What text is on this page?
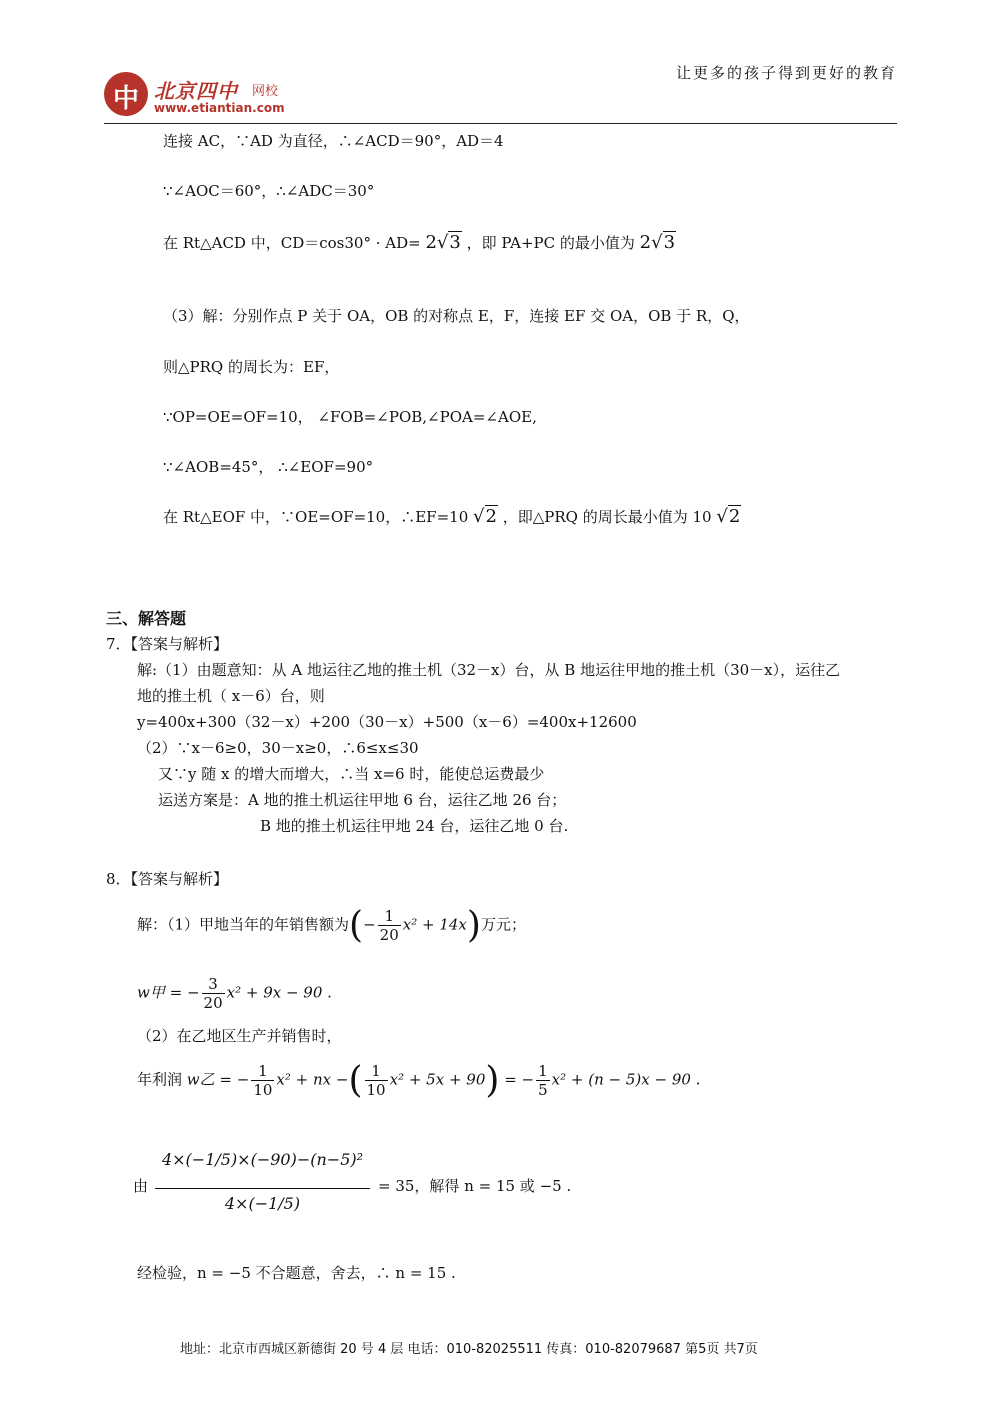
中 北京四中 网校
www.etiantian.com
让更多的孩子得到更好的教育
连接 AC，∵AD 为直径，∴∠ACD＝90°，AD＝4
∵∠AOC＝60°，∴∠ADC＝30°
在 Rt△ACD 中，CD＝cos30° · AD= 2√3 ，即 PA+PC 的最小值为 2√3
（3）解：分别作点 P 关于 OA，OB 的对称点 E，F，连接 EF 交 OA，OB 于 R，Q，
则△PRQ 的周长为：EF，
∵OP=OE=OF=10， ∠FOB=∠POB,∠POA=∠AOE,
∵∠AOB=45°， ∴∠EOF=90°
在 Rt△EOF 中，∵OE=OF=10，∴EF=10 √2 ，即△PRQ 的周长最小值为 10 √2
三、解答题
7．【答案与解析】
解:（1）由题意知：从 A 地运往乙地的推土机（32－x）台，从 B 地运往甲地的推土机（30－x），运往乙
地的推土机（ x－6）台，则
y=400x+300（32－x）+200（30－x）+500（x－6）=400x+12600
（2）∵x－6≥0，30－x≥0，∴6≤x≤30
又∵y 随 x 的增大而增大，∴当 x=6 时，能使总运费最少
运送方案是：A 地的推土机运往甲地 6 台，运往乙地 26 台；
B 地的推土机运往甲地 24 台，运往乙地 0 台.
8．【答案与解析】
解：（1）甲地当年的年销售额为(− $\frac{1}{20} x^2 + 14x$)万元；
w甲 = − $\frac{3}{20} x^2 + 9x - 90$ .
（2）在乙地区生产并销售时，
年利润 w乙 = − $\frac{1}{10} x^2$ + nx −( $\frac{1}{10} x^2 + 5x + 90$) = − $\frac{1}{5} x^2 + (n - 5)x - 90$ .
由
4×(−1/5)×(−90)−(n−5)²
4×(−1/5)
= 35，解得 n = 15 或 −5 .
经检验，n = −5 不合题意，舍去，∴ n = 15 .
地址：北京市西城区新德街 20 号 4 层 电话：010-82025511 传真：010-82079687 第5页 共7页
